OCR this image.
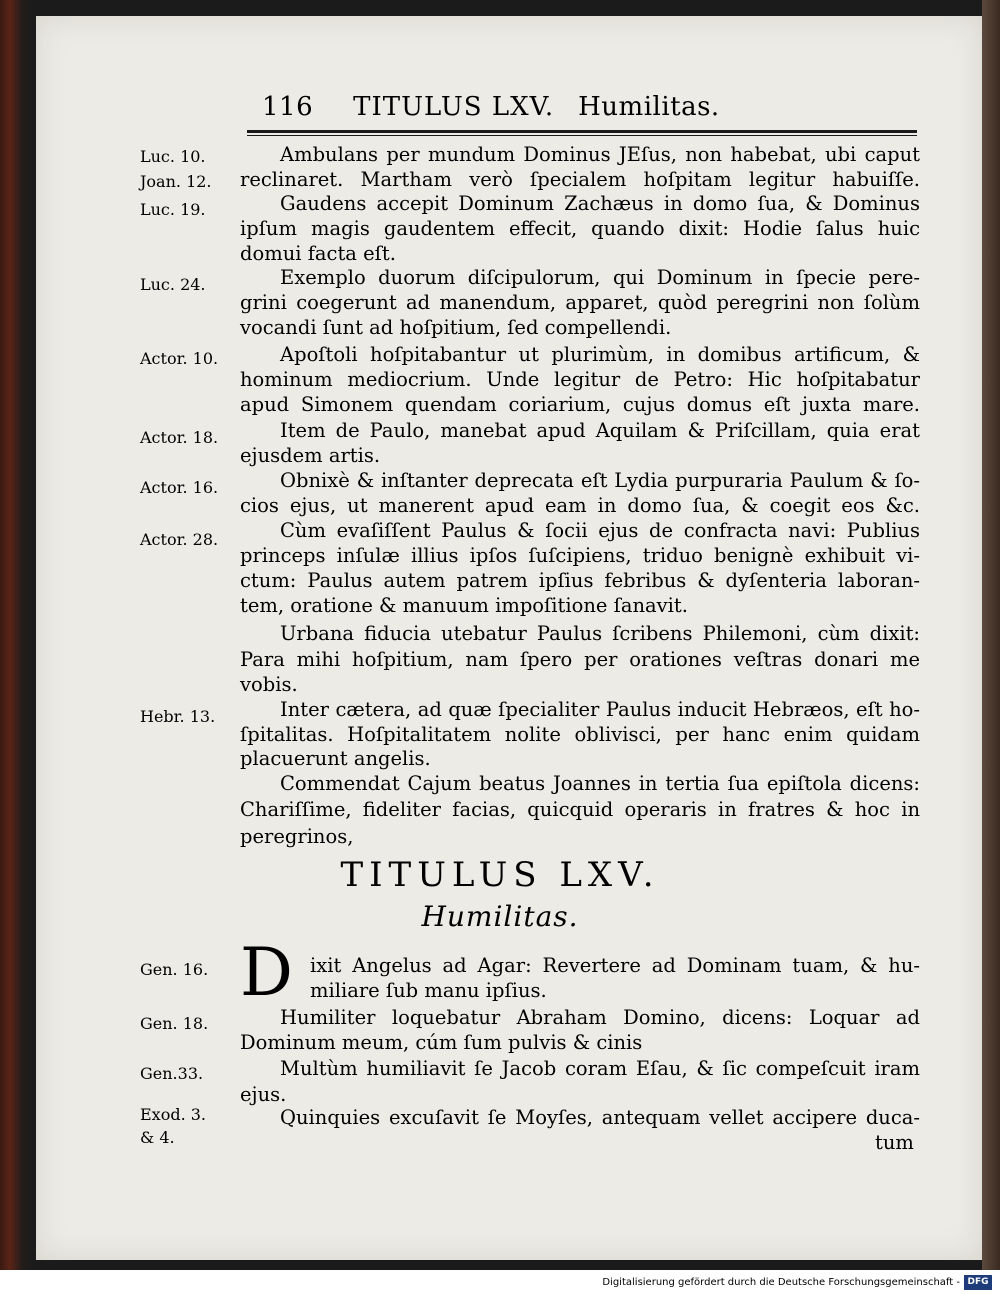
116 TITULUS LXV. Humilitas.
Luc. 10.
Joan. 12.
Luc. 19.
Luc. 24.
Actor. 10.
Actor. 18.
Actor. 16.
Actor. 28.
Hebr. 13.
Gen. 16.
Gen. 18.
Gen.33.
Exod. 3.
& 4.
Ambulans per mundum Dominus JEſus, non habebat, ubi caput
reclinaret. Martham verò ſpecialem hoſpitam legitur habuiſſe.
Gaudens accepit Dominum Zachæus in domo ſua, & Dominus
ipſum magis gaudentem effecit, quando dixit: Hodie ſalus huic
domui facta eſt.
Exemplo duorum diſcipulorum, qui Dominum in ſpecie pere-
grini coegerunt ad manendum, apparet, quòd peregrini non ſolùm
vocandi ſunt ad hoſpitium, ſed compellendi.
Apoſtoli hoſpitabantur ut plurimùm, in domibus artificum, &
hominum mediocrium. Unde legitur de Petro: Hic hoſpitabatur
apud Simonem quendam coriarium, cujus domus eſt juxta mare.
Item de Paulo, manebat apud Aquilam & Priſcillam, quia erat
ejusdem artis.
Obnixè & inſtanter deprecata eſt Lydia purpuraria Paulum & ſo-
cios ejus, ut manerent apud eam in domo ſua, & coegit eos &c.
Cùm evaſiſſent Paulus & ſocii ejus de confracta navi: Publius
princeps inſulæ illius ipſos ſuſcipiens, triduo benignè exhibuit vi-
ctum: Paulus autem patrem ipſius febribus & dyſenteria laboran-
tem, oratione & manuum impoſitione ſanavit.
Urbana fiducia utebatur Paulus ſcribens Philemoni, cùm dixit:
Para mihi hoſpitium, nam ſpero per orationes veſtras donari me
vobis.
Inter cætera, ad quæ ſpecialiter Paulus inducit Hebræos, eſt ho-
ſpitalitas. Hoſpitalitatem nolite oblivisci, per hanc enim quidam
placuerunt angelis.
Commendat Cajum beatus Joannes in tertia ſua epiſtola dicens:
Chariſſime, fideliter facias, quicquid operaris in fratres & hoc in
peregrinos,
TITULUS LXV.
Humilitas.
D ixit Angelus ad Agar: Revertere ad Dominam tuam, & hu-
miliare ſub manu ipſius.
Humiliter loquebatur Abraham Domino, dicens: Loquar ad
Dominum meum, cúm ſum pulvis & cinis
Multùm humiliavit ſe Jacob coram Eſau, & ſic compeſcuit iram
ejus.
Quinquies excuſavit ſe Moyſes, antequam vellet accipere duca-
tum
Digitalisierung gefördert durch die Deutsche Forschungsgemeinschaft - DFG
